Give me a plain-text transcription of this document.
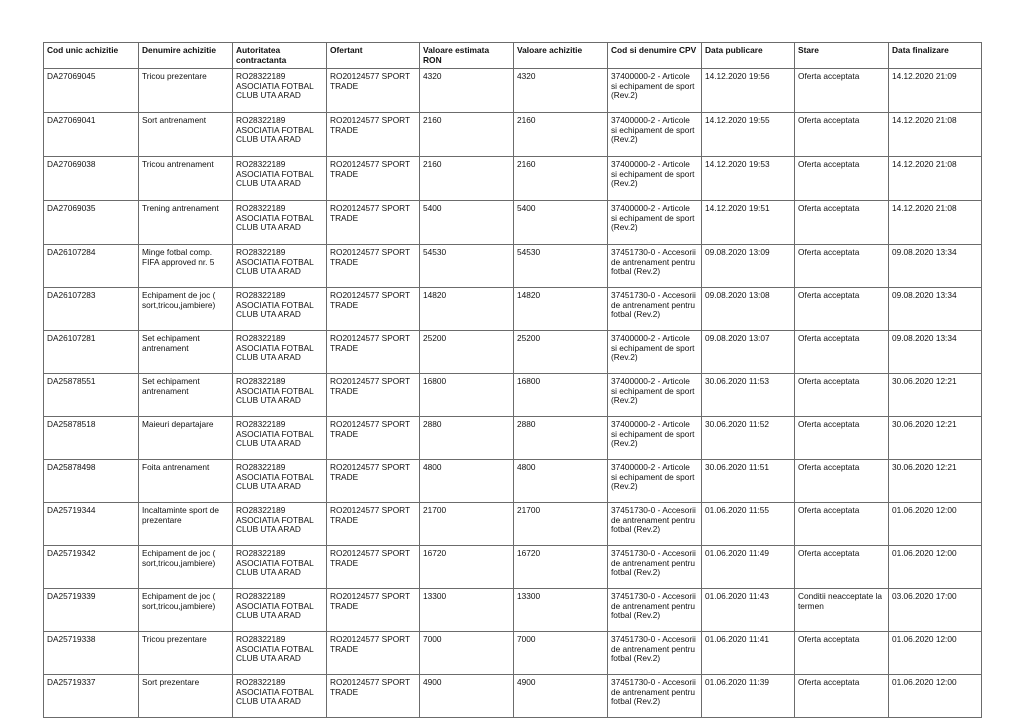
Cod unic achizitie	Denumire achizitie	Autoritatea contractanta	Ofertant	Valoare estimata RON	Valoare achizitie	Cod si denumire CPV	Data publicare	Stare	Data finalizare
DA27069045	Tricou prezentare	RO28322189 ASOCIATIA FOTBAL CLUB UTA ARAD	RO20124577 SPORT TRADE	4320	4320	37400000-2 - Articole si echipament de sport (Rev.2)	14.12.2020 19:56	Oferta acceptata	14.12.2020 21:09
DA27069041	Sort antrenament	RO28322189 ASOCIATIA FOTBAL CLUB UTA ARAD	RO20124577 SPORT TRADE	2160	2160	37400000-2 - Articole si echipament de sport (Rev.2)	14.12.2020 19:55	Oferta acceptata	14.12.2020 21:08
DA27069038	Tricou antrenament	RO28322189 ASOCIATIA FOTBAL CLUB UTA ARAD	RO20124577 SPORT TRADE	2160	2160	37400000-2 - Articole si echipament de sport (Rev.2)	14.12.2020 19:53	Oferta acceptata	14.12.2020 21:08
DA27069035	Trening antrenament	RO28322189 ASOCIATIA FOTBAL CLUB UTA ARAD	RO20124577 SPORT TRADE	5400	5400	37400000-2 - Articole si echipament de sport (Rev.2)	14.12.2020 19:51	Oferta acceptata	14.12.2020 21:08
DA26107284	Minge fotbal comp. FIFA approved nr. 5	RO28322189 ASOCIATIA FOTBAL CLUB UTA ARAD	RO20124577 SPORT TRADE	54530	54530	37451730-0 - Accesorii de antrenament pentru fotbal (Rev.2)	09.08.2020 13:09	Oferta acceptata	09.08.2020 13:34
DA26107283	Echipament de joc ( sort,tricou,jambiere)	RO28322189 ASOCIATIA FOTBAL CLUB UTA ARAD	RO20124577 SPORT TRADE	14820	14820	37451730-0 - Accesorii de antrenament pentru fotbal (Rev.2)	09.08.2020 13:08	Oferta acceptata	09.08.2020 13:34
DA26107281	Set echipament antrenament	RO28322189 ASOCIATIA FOTBAL CLUB UTA ARAD	RO20124577 SPORT TRADE	25200	25200	37400000-2 - Articole si echipament de sport (Rev.2)	09.08.2020 13:07	Oferta acceptata	09.08.2020 13:34
DA25878551	Set echipament antrenament	RO28322189 ASOCIATIA FOTBAL CLUB UTA ARAD	RO20124577 SPORT TRADE	16800	16800	37400000-2 - Articole si echipament de sport (Rev.2)	30.06.2020 11:53	Oferta acceptata	30.06.2020 12:21
DA25878518	Maieuri departajare	RO28322189 ASOCIATIA FOTBAL CLUB UTA ARAD	RO20124577 SPORT TRADE	2880	2880	37400000-2 - Articole si echipament de sport (Rev.2)	30.06.2020 11:52	Oferta acceptata	30.06.2020 12:21
DA25878498	Foita antrenament	RO28322189 ASOCIATIA FOTBAL CLUB UTA ARAD	RO20124577 SPORT TRADE	4800	4800	37400000-2 - Articole si echipament de sport (Rev.2)	30.06.2020 11:51	Oferta acceptata	30.06.2020 12:21
DA25719344	Incaltaminte sport de prezentare	RO28322189 ASOCIATIA FOTBAL CLUB UTA ARAD	RO20124577 SPORT TRADE	21700	21700	37451730-0 - Accesorii de antrenament pentru fotbal (Rev.2)	01.06.2020 11:55	Oferta acceptata	01.06.2020 12:00
DA25719342	Echipament de joc ( sort,tricou,jambiere)	RO28322189 ASOCIATIA FOTBAL CLUB UTA ARAD	RO20124577 SPORT TRADE	16720	16720	37451730-0 - Accesorii de antrenament pentru fotbal (Rev.2)	01.06.2020 11:49	Oferta acceptata	01.06.2020 12:00
DA25719339	Echipament de joc ( sort,tricou,jambiere)	RO28322189 ASOCIATIA FOTBAL CLUB UTA ARAD	RO20124577 SPORT TRADE	13300	13300	37451730-0 - Accesorii de antrenament pentru fotbal (Rev.2)	01.06.2020 11:43	Conditii neacceptate la termen	03.06.2020 17:00
DA25719338	Tricou prezentare	RO28322189 ASOCIATIA FOTBAL CLUB UTA ARAD	RO20124577 SPORT TRADE	7000	7000	37451730-0 - Accesorii de antrenament pentru fotbal (Rev.2)	01.06.2020 11:41	Oferta acceptata	01.06.2020 12:00
DA25719337	Sort prezentare	RO28322189 ASOCIATIA FOTBAL CLUB UTA ARAD	RO20124577 SPORT TRADE	4900	4900	37451730-0 - Accesorii de antrenament pentru fotbal (Rev.2)	01.06.2020 11:39	Oferta acceptata	01.06.2020 12:00
